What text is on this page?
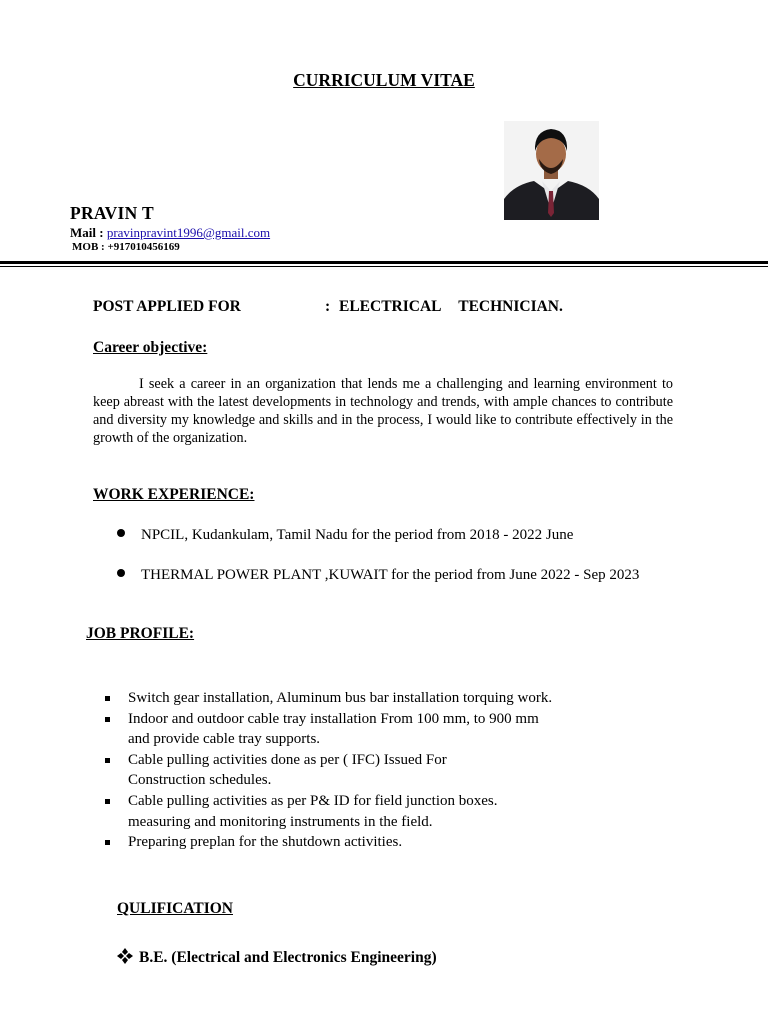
CURRICULUM VITAE
PRAVIN T
Mail : pravinpravint1996@gmail.com
MOB : +917010456169
POST APPLIED FOR	: ELECTRICAL TECHNICIAN.
Career objective:
I seek a career in an organization that lends me a challenging and learning environment to keep abreast with the latest developments in technology and trends, with ample chances to contribute and diversity my knowledge and skills and in the process, I would like to contribute effectively in the growth of the organization.
WORK EXPERIENCE:
NPCIL, Kudankulam, Tamil Nadu for the period from 2018 - 2022 June
THERMAL POWER PLANT ,KUWAIT for the period from June 2022 - Sep 2023
JOB PROFILE:
Switch gear installation, Aluminum bus bar installation torquing work.
Indoor and outdoor cable tray installation From 100 mm, to 900 mm
and provide cable tray supports.
Cable pulling activities done as per ( IFC) Issued For
Construction schedules.
Cable pulling activities as per P& ID for field junction boxes.
measuring and monitoring instruments in the field.
Preparing preplan for the shutdown activities.
QULIFICATION
B.E. (Electrical and Electronics Engineering)
